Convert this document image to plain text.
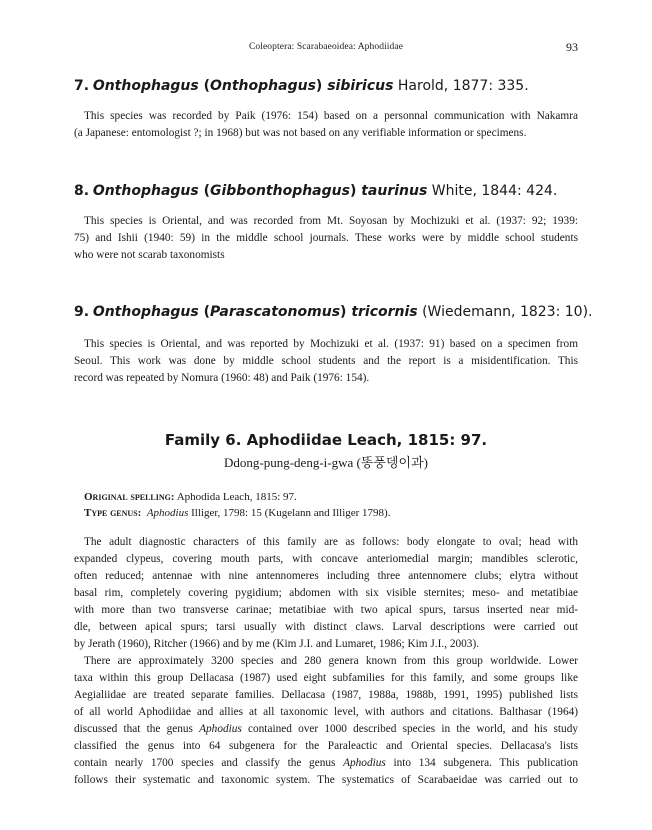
Coleoptera: Scarabaeoidea: Aphodiidae	93
7. Onthophagus (Onthophagus) sibiricus Harold, 1877: 335.
This species was recorded by Paik (1976: 154) based on a personnal communication with Nakamra
(a Japanese: entomologist ?; in 1968) but was not based on any verifiable information or specimens.
8. Onthophagus (Gibbonthophagus) taurinus White, 1844: 424.
This species is Oriental, and was recorded from Mt. Soyosan by Mochizuki et al. (1937: 92; 1939:
75) and Ishii (1940: 59) in the middle school journals. These works were by middle school students
who were not scarab taxonomists
9. Onthophagus (Parascatonomus) tricornis (Wiedemann, 1823: 10).
This species is Oriental, and was reported by Mochizuki et al. (1937: 91) based on a specimen from
Seoul. This work was done by middle school students and the report is a misidentification. This
record was repeated by Nomura (1960: 48) and Paik (1976: 154).
Family 6. Aphodiidae Leach, 1815: 97.
Ddong-pung-deng-i-gwa (똥풍뎅이과)
Original spelling: Aphodida Leach, 1815: 97.
Type genus: Aphodius Illiger, 1798: 15 (Kugelann and Illiger 1798).
The adult diagnostic characters of this family are as follows: body elongate to oval; head with
expanded clypeus, covering mouth parts, with concave anteriomedial margin; mandibles sclerotic,
often reduced; antennae with nine antennomeres including three antennomere clubs; elytra without
basal rim, completely covering pygidium; abdomen with six visible sternites; meso- and metatibiae
with more than two transverse carinae; metatibiae with two apical spurs, tarsus inserted near mid-
dle, between apical spurs; tarsi usually with distinct claws. Larval descriptions were carried out
by Jerath (1960), Ritcher (1966) and by me (Kim J.I. and Lumaret, 1986; Kim J.I., 2003).
There are approximately 3200 species and 280 genera known from this group worldwide. Lower
taxa within this group Dellacasa (1987) used eight subfamilies for this family, and some groups like
Aegialiidae are treated separate families. Dellacasa (1987, 1988a, 1988b, 1991, 1995) published lists
of all world Aphodiidae and allies at all taxonomic level, with authors and citations. Balthasar (1964)
discussed that the genus Aphodius contained over 1000 described species in the world, and his study
classified the genus into 64 subgenera for the Paraleactic and Oriental species. Dellacasa's lists
contain nearly 1700 species and classify the genus Aphodius into 134 subgenera. This publication
follows their systematic and taxonomic system. The systematics of Scarabaeidae was carried out to
